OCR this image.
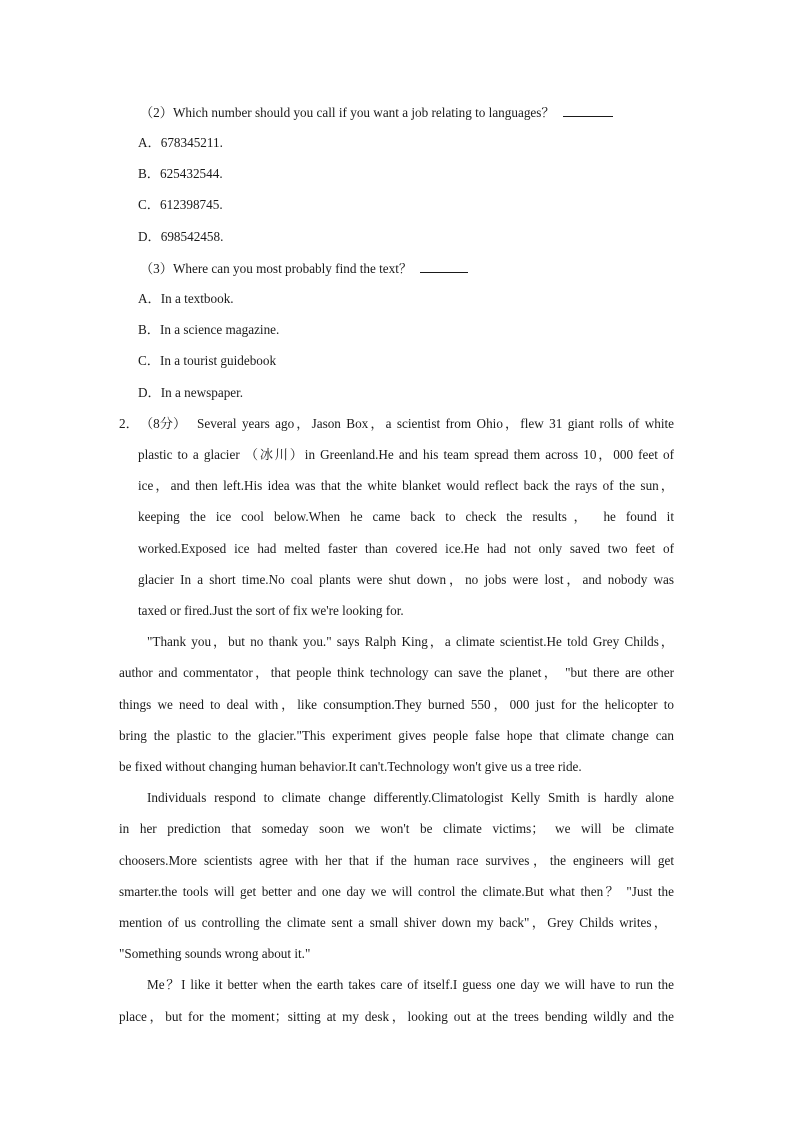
（2）Which number should you call if you want a job relating to languages？

A．678345211.

B．625432544.

C．612398745.

D．698542458.

（3）Where can you most probably find the text？

A．In a textbook.

B．In a science magazine.

C．In a tourist guidebook

D．In a newspaper.

2． （8分） Several years ago，Jason Box，a scientist from Ohio，flew 31 giant rolls of white

plastic to a glacier （冰川）in Greenland.He and his team spread them across 10，000 feet of

ice，and then left.His idea was that the white blanket would reflect back the rays of the sun，

keeping the ice cool below.When he came back to check the results， he found it

worked.Exposed ice had melted faster than covered ice.He had not only saved two feet of

glacier In a short time.No coal plants were shut down，no jobs were lost，and nobody was

taxed or fired.Just the sort of fix we're looking for.

"Thank you，but no thank you." says Ralph King，a climate scientist.He told Grey Childs，

author and commentator，that people think technology can save the planet， "but there are other

things we need to deal with，like consumption.They burned 550，000 just for the helicopter to

bring the plastic to the glacier."This experiment gives people false hope that climate change can

be fixed without changing human behavior.It can't.Technology won't give us a tree ride.

Individuals respond to climate change differently.Climatologist Kelly Smith is hardly alone

in her prediction that someday soon we won't be climate victims； we will be climate

choosers.More scientists agree with her that if the human race survives，the engineers will get

smarter.the tools will get better and one day we will control the climate.But what then？ "Just the

mention of us controlling the climate sent a small shiver down my back"，Grey Childs writes，

"Something sounds wrong about it."

Me？I like it better when the earth takes care of itself.I guess one day we will have to run the

place，but for the moment；sitting at my desk，looking out at the trees bending wildly and the
